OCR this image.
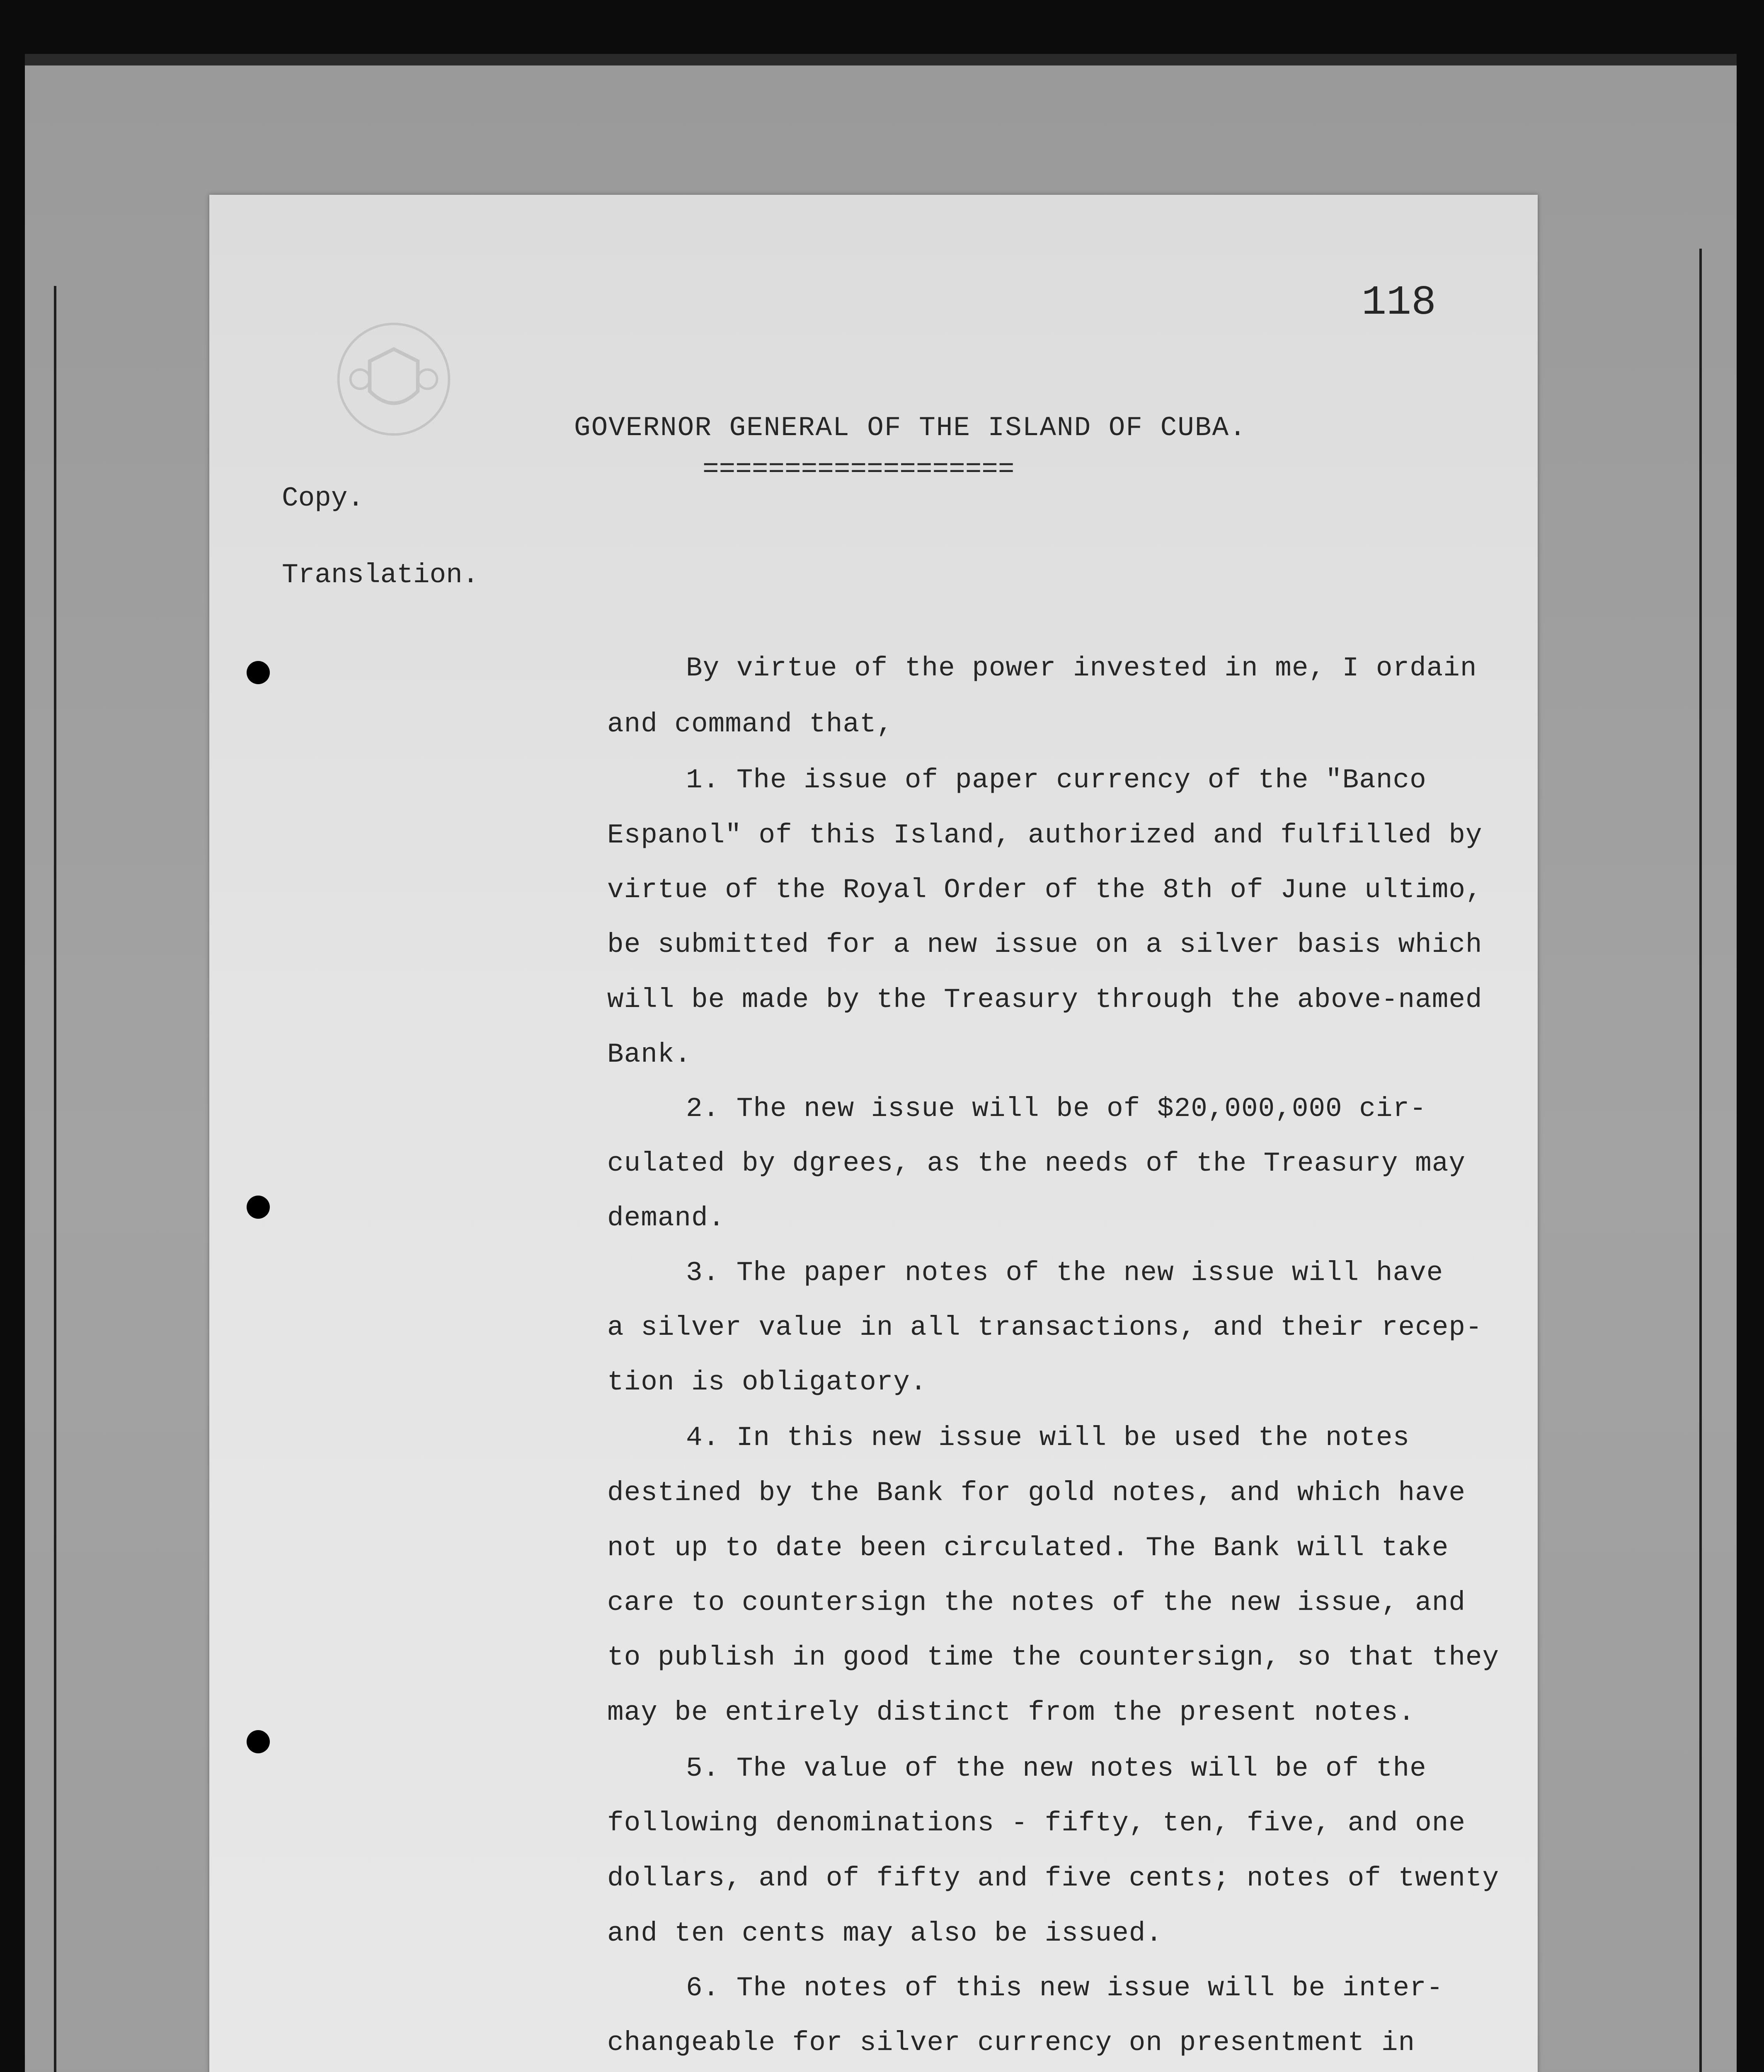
118
GOVERNOR GENERAL OF THE ISLAND OF CUBA.
===================
Copy.
Translation.
By virtue of the power invested in me, I ordain
and command that,
1. The issue of paper currency of the "Banco
Espanol" of this Island, authorized and fulfilled by
virtue of the Royal Order of the 8th of June ultimo,
be submitted for a new issue on a silver basis which
will be made by the Treasury through the above-named
Bank.
2. The new issue will be of $20,000,000 cir-
culated by dgrees, as the needs of the Treasury may
demand.
3. The paper notes of the new issue will have
a silver value in all transactions, and their recep-
tion is obligatory.
4. In this new issue will be used the notes
destined by the Bank for gold notes, and which have
not up to date been circulated. The Bank will take
care to countersign the notes of the new issue, and
to publish in good time the countersign, so that they
may be entirely distinct from the present notes.
5. The value of the new notes will be of the
following denominations - fifty, ten, five, and one
dollars, and of fifty and five cents; notes of twenty
and ten cents may also be issued.
6. The notes of this new issue will be inter-
changeable for silver currency on presentment in
